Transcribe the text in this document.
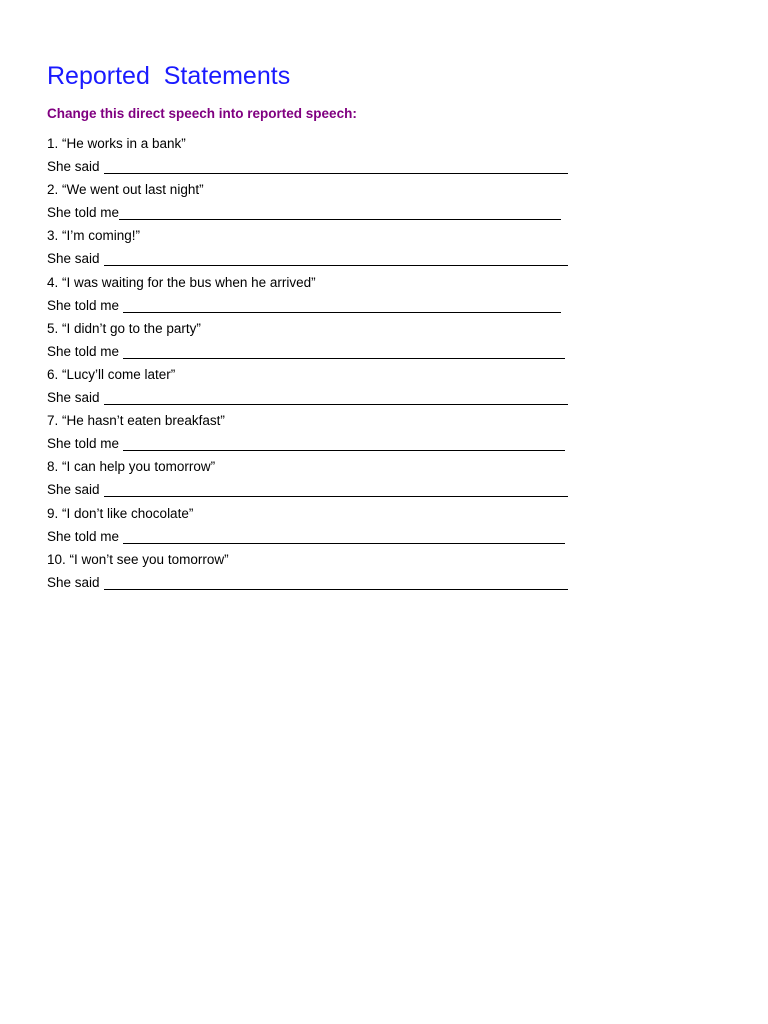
Reported  Statements

Change this direct speech into reported speech:

1. “He works in a bank”
She said
2. “We went out last night”
She told me
3. “I’m coming!”
She said
4. “I was waiting for the bus when he arrived”
She told me
5. “I didn’t go to the party”
She told me
6. “Lucy’ll come later”
She said
7. “He hasn’t eaten breakfast”
She told me
8. “I can help you tomorrow”
She said
9. “I don’t like chocolate”
She told me
10. “I won’t see you tomorrow”
She said
